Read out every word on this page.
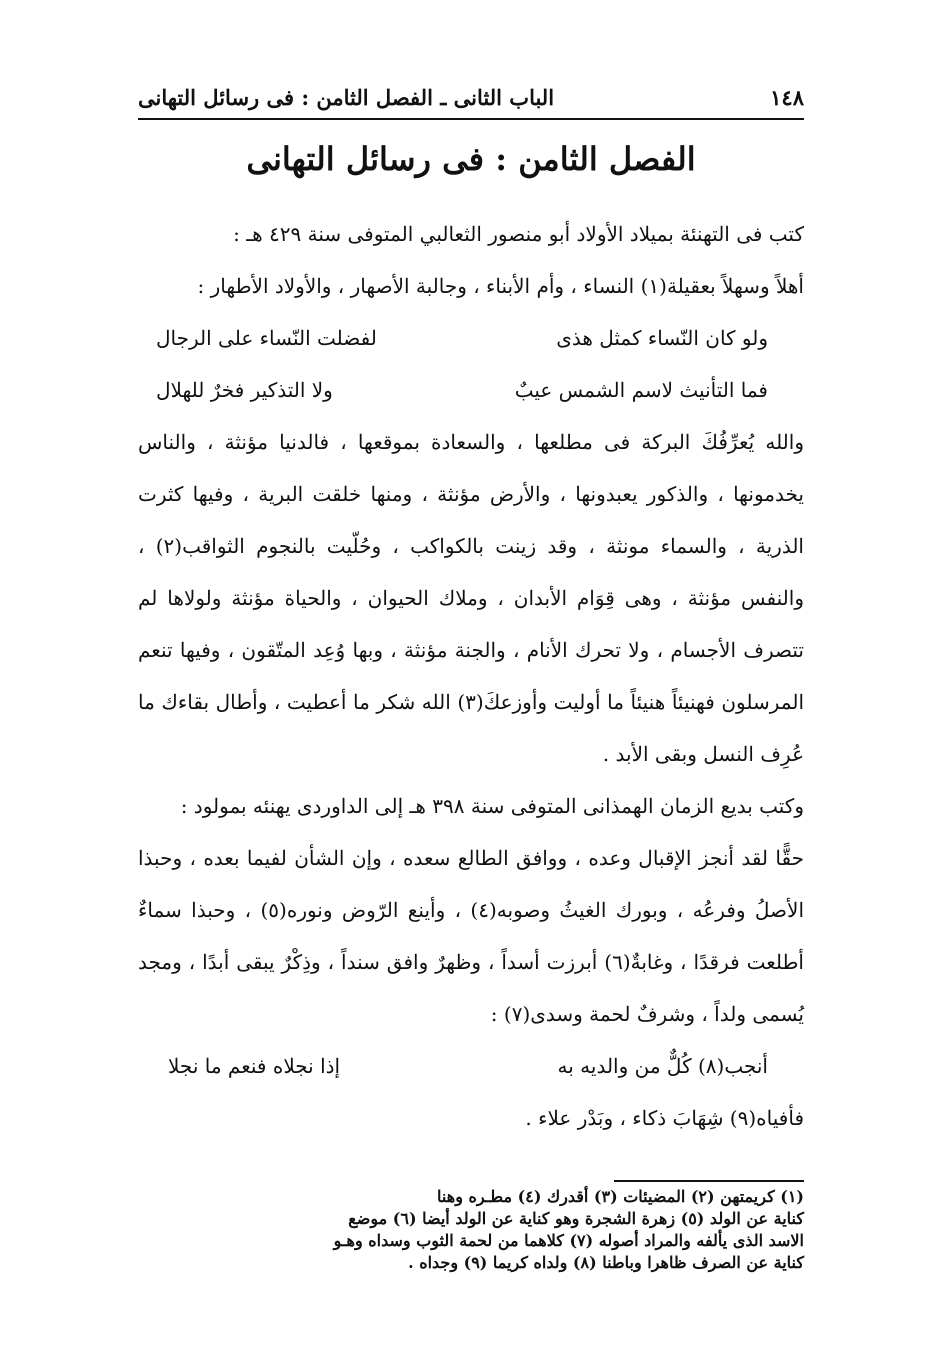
١٤٨
الباب الثانى ـ الفصل الثامن : فى رسائل التهانى
الفصل الثامن : فى رسائل التهانى

كتب فى التهنئة بميلاد الأولاد أبو منصور الثعالبي المتوفى سنة ٤٢٩ هـ :

أهلاً وسهلاً بعقيلة(١) النساء ، وأم الأبناء ، وجالبة الأصهار ، والأولاد الأطهار :

ولو كان النّساء كمثل هذى
لفضلت النّساء على الرجال
فما التأنيث لاسم الشمس عيبٌ
ولا التذكير فخرٌ للهلال

والله يُعرِّفُكَ البركة فى مطلعها ، والسعادة بموقعها ، فالدنيا مؤنثة ، والناس يخدمونها ، والذكور يعبدونها ، والأرض مؤنثة ، ومنها خلقت البرية ، وفيها كثرت الذرية ، والسماء مونثة ، وقد زينت بالكواكب ، وحُلّيت بالنجوم الثواقب(٢) ، والنفس مؤنثة ، وهى قِوَام الأبدان ، وملاك الحيوان ، والحياة مؤنثة ولولاها لم تتصرف الأجسام ، ولا تحرك الأنام ، والجنة مؤنثة ، وبها وُعِد المتّقون ، وفيها تنعم المرسلون فهنيئاً هنيئاً ما أوليت وأوزعكَ(٣) الله شكر ما أعطيت ، وأطال بقاءك ما عُرِف النسل وبقى الأبد .

وكتب بديع الزمان الهمذانى المتوفى سنة ٣٩٨ هـ إلى الداوردى يهنئه بمولود :

حقًّا لقد أنجز الإقبال وعده ، ووافق الطالع سعده ، وإن الشأن لفيما بعده ، وحبذا الأصلُ وفرعُه ، وبورك الغيثُ وصوبه(٤) ، وأينع الرّوض ونوره(٥) ، وحبذا سماءٌ أطلعت فرقدًا ، وغابةٌ(٦) أبرزت أسداً ، وظهرٌ وافق سنداً ، وذِكْرٌ يبقى أبدًا ، ومجد يُسمى ولداً ، وشرفٌ لحمة وسدى(٧) :

أنجب(٨) كُلٌّ من والديه به
إذا نجلاه فنعم ما نجلا

فأفياه(٩) شِهَابَ ذكاء ، وبَدْر علاء .

(١) كريمتهن (٢) المضيئات (٣) أقدرك (٤) مطـره وهنا

كناية عن الولد (٥) زهرة الشجرة وهو كناية عن الولد أيضا (٦) موضع

الاسد الذى يألفه والمراد أصوله (٧) كلاهما من لحمة الثوب وسداه وهـو

كناية عن الصرف ظاهرا وباطنا (٨) ولداه كريما (٩) وجداه .
